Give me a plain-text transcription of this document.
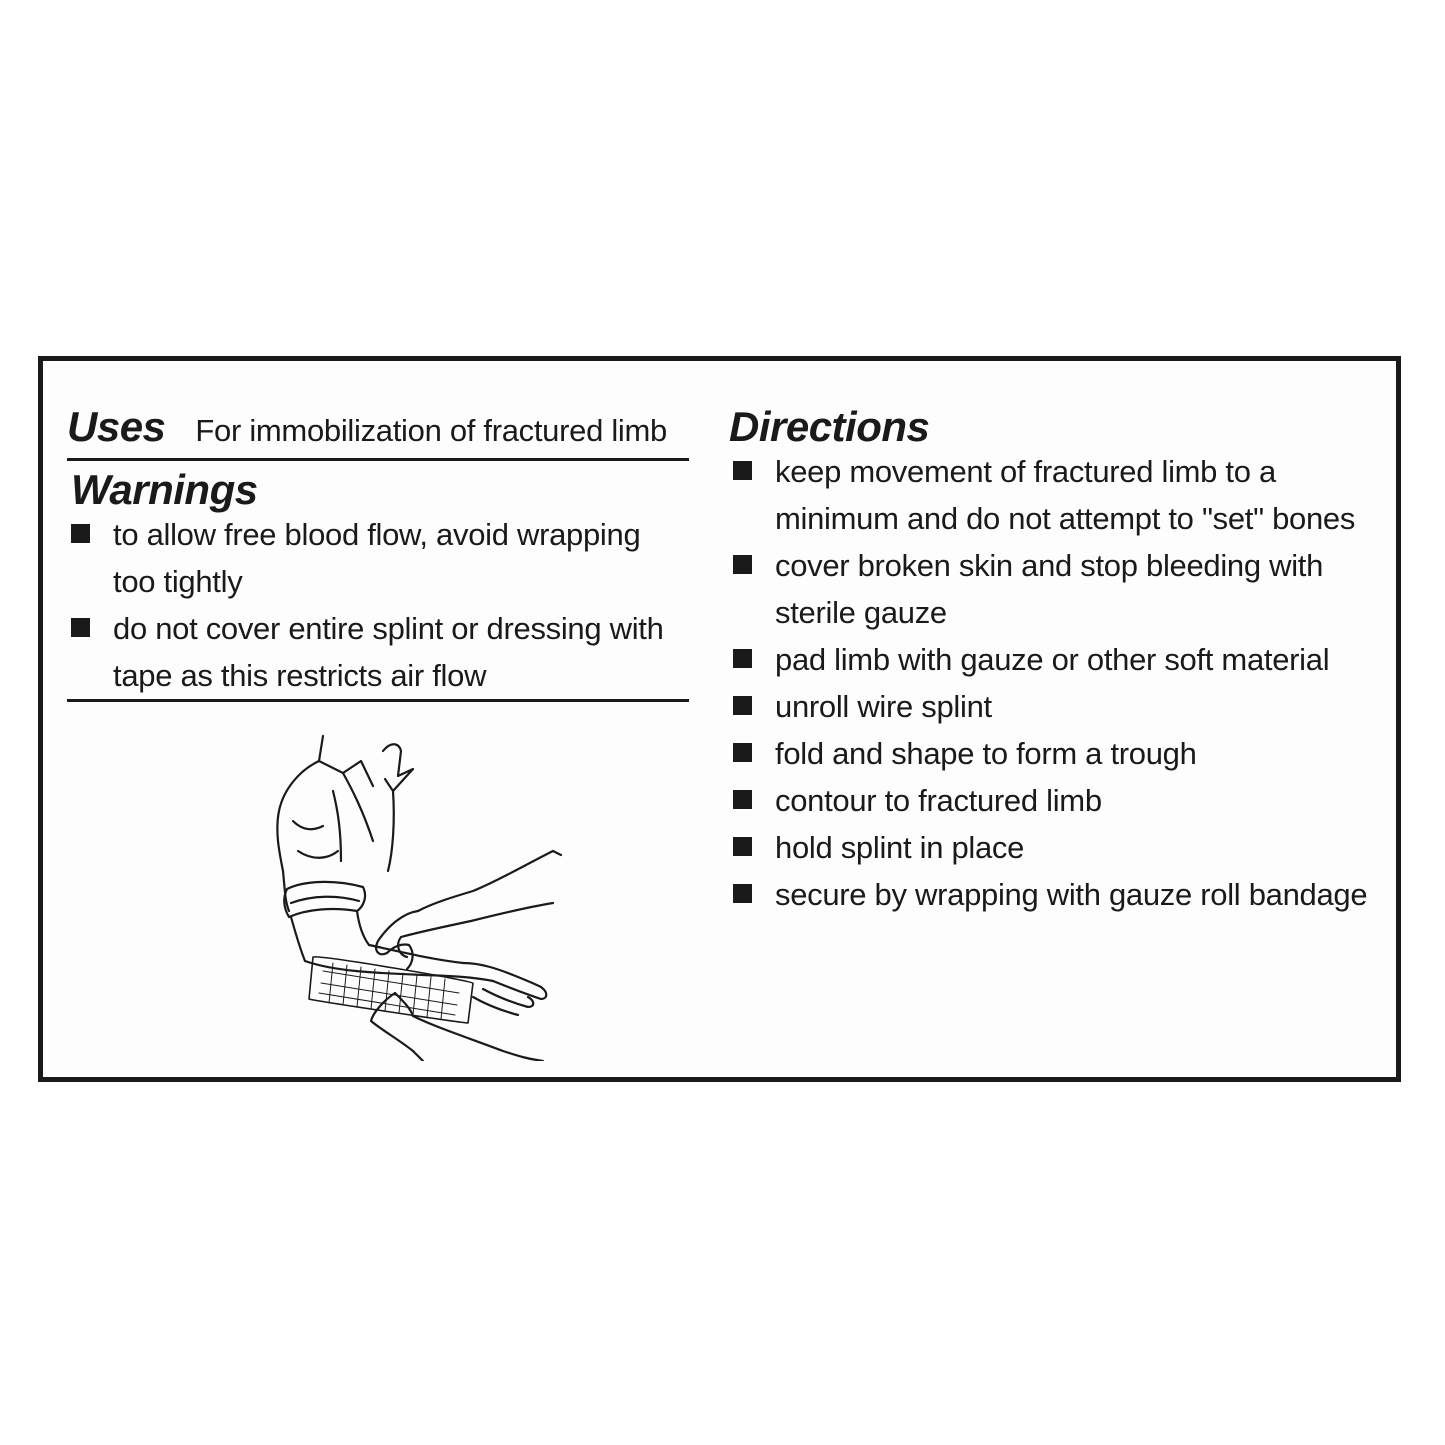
Uses For immobilization of fractured limb
Warnings
to allow free blood flow, avoid wrapping too tightly
do not cover entire splint or dressing with tape as this restricts air flow
Directions
keep movement of fractured limb to a minimum and do not attempt to "set" bones
cover broken skin and stop bleeding with sterile gauze
pad limb with gauze or other soft material
unroll wire splint
fold and shape to form a trough
contour to fractured limb
hold splint in place
secure by wrapping with gauze roll bandage
